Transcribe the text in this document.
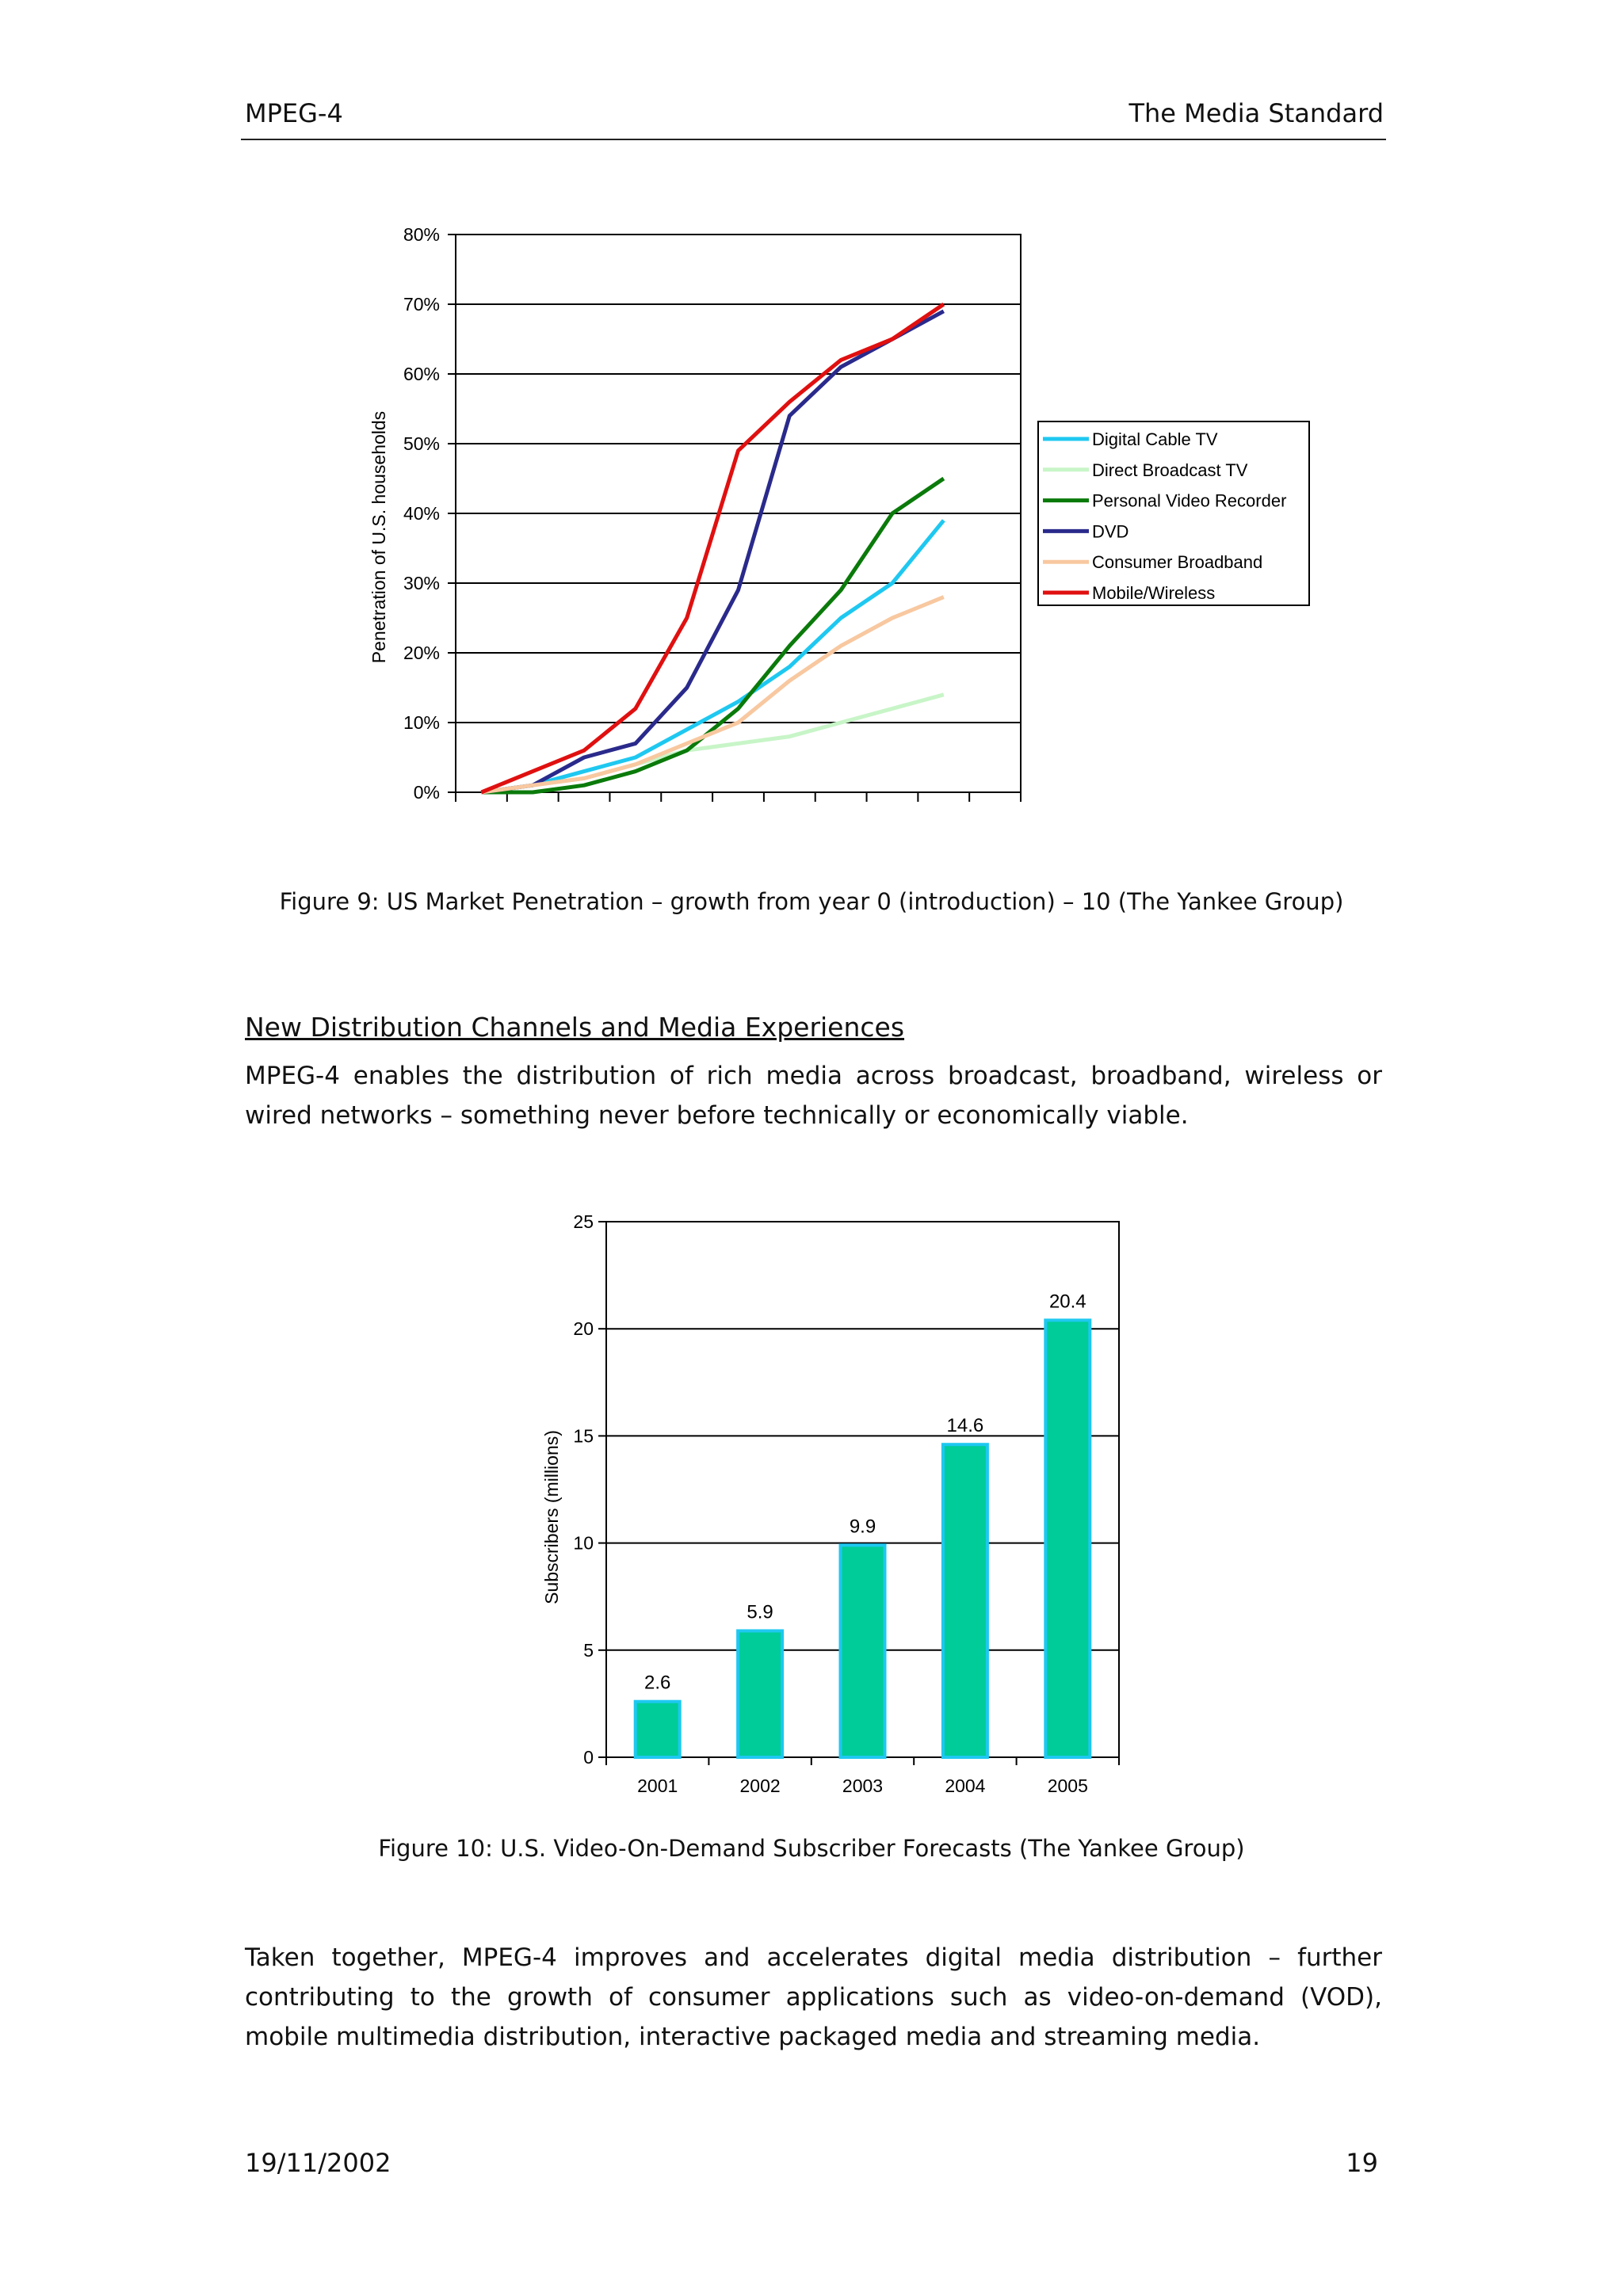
MPEG-4	The Media Standard
0%
10%
20%
30%
40%
50%
60%
70%
80%
Penetration of U.S. households	Digital Cable TV
Direct Broadcast TV
Personal Video Recorder
DVD
Consumer Broadband
Mobile/Wireless
Figure 9: US Market Penetration – growth from year 0 (introduction) – 10 (The Yankee Group)
New Distribution Channels and Media Experiences
MPEG-4 enables the distribution of rich media across broadcast, broadband, wireless or wired networks – something never before technically or economically viable.
0
5
10
15
20
25
Subscribers (millions)
2.6
2001
5.9
2002
9.9
2003
14.6
2004
20.4
2005
Figure 10: U.S. Video-On-Demand Subscriber Forecasts (The Yankee Group)
Taken together, MPEG-4 improves and accelerates digital media distribution – further contributing to the growth of consumer applications such as video-on-demand (VOD), mobile multimedia distribution, interactive packaged media and streaming media.
19/11/2002	19
